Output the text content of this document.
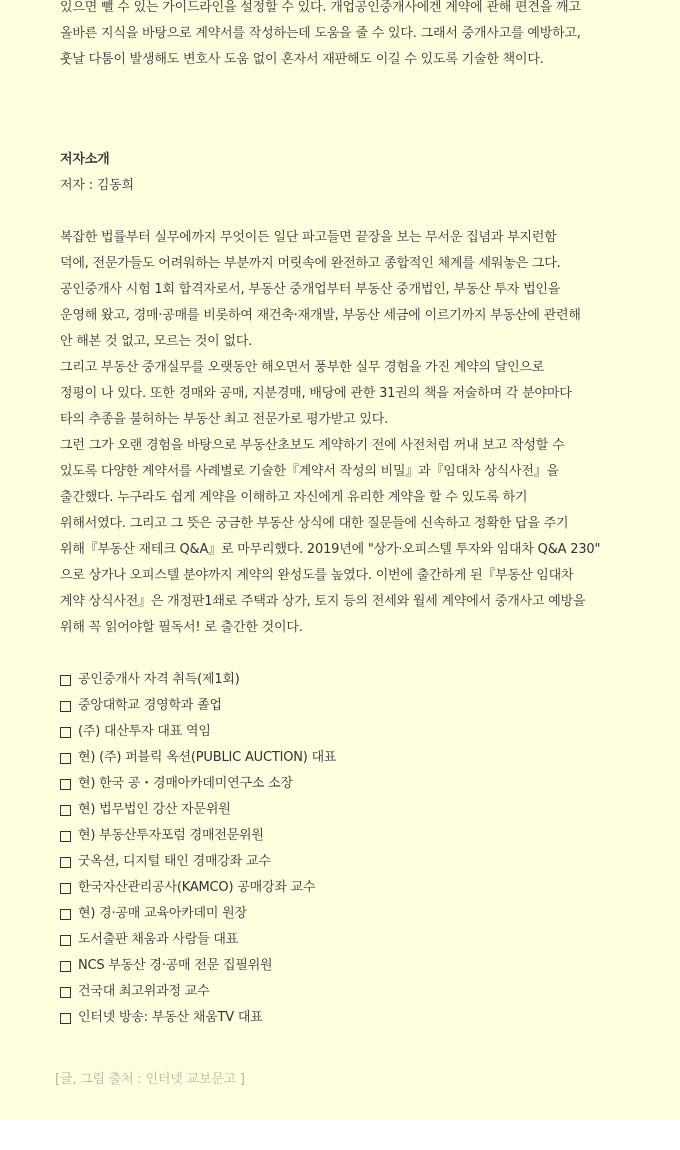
있으면 뺄 수 있는 가이드라인을 설정할 수 있다. 개업공인중개사에겐 계약에 관해 편견을 깨고
올바른 지식을 바탕으로 계약서를 작성하는데 도움을 줄 수 있다. 그래서 중개사고를 예방하고,
훗날 다툼이 발생해도 변호사 도움 없이 혼자서 재판해도 이길 수 있도록 기술한 책이다.
저자소개
저자 : 김동희
복잡한 법률부터 실무에까지 무엇이든 일단 파고들면 끝장을 보는 무서운 집념과 부지런함
덕에, 전문가들도 어려워하는 부분까지 머릿속에 완전하고 종합적인 체계를 세워놓은 그다.
공인중개사 시험 1회 합격자로서, 부동산 중개업부터 부동산 중개법인, 부동산 투자 법인을
운영해 왔고, 경매·공매를 비롯하여 재건축·재개발, 부동산 세금에 이르기까지 부동산에 관련해
안 해본 것 없고, 모르는 것이 없다.
그리고 부동산 중개실무를 오랫동안 해오면서 풍부한 실무 경험을 가진 계약의 달인으로
정평이 나 있다. 또한 경매와 공매, 지분경매, 배당에 관한 31권의 책을 저술하며 각 분야마다
타의 추종을 불허하는 부동산 최고 전문가로 평가받고 있다.
그런 그가 오랜 경험을 바탕으로 부동산초보도 계약하기 전에 사전처럼 꺼내 보고 작성할 수
있도록 다양한 계약서를 사례별로 기술한『계약서 작성의 비밀』과『임대차 상식사전』을
출간했다. 누구라도 쉽게 계약을 이해하고 자신에게 유리한 계약을 할 수 있도록 하기
위해서였다. 그리고 그 뜻은 궁금한 부동산 상식에 대한 질문들에 신속하고 정확한 답을 주기
위해『부동산 재테크 Q&A』로 마무리했다. 2019년에 "상가·오피스텔 투자와 임대차 Q&A 230"
으로 상가나 오피스텔 분야까지 계약의 완성도를 높였다. 이번에 출간하게 된『부동산 임대차
계약 상식사전』은 개정판1쇄로 주택과 상가, 토지 등의 전세와 월세 계약에서 중개사고 예방을
위해 꼭 읽어야할 필독서! 로 출간한 것이다.
공인중개사 자격 취득(제1회)
중앙대학교 경영학과 졸업
(주) 대산투자 대표 역임
현) (주) 퍼블릭 옥션(PUBLIC AUCTION) 대표
현) 한국 공・경매아카데미연구소 소장
현) 법무법인 강산 자문위원
현) 부동산투자포럼 경매전문위원
굿옥션, 디지털 태인 경매강좌 교수
한국자산관리공사(KAMCO) 공매강좌 교수
현) 경·공매 교육아카데미 원장
도서출판 채움과 사람들 대표
NCS 부동산 경·공매 전문 집필위원
건국대 최고위과정 교수
인터넷 방송: 부동산 채움TV 대표
[글, 그림 출처 : 인터넷 교보문고 ]
